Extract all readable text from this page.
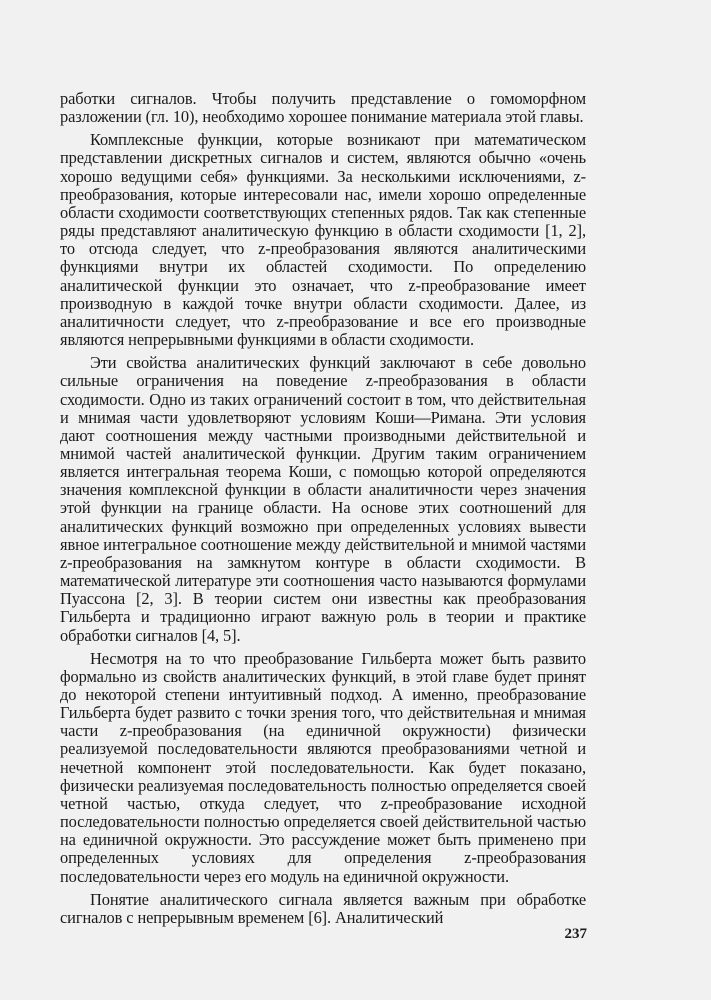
работки сигналов. Чтобы получить представление о гомоморфном разложении (гл. 10), необходимо хорошее понимание материала этой главы.

Комплексные функции, которые возникают при математическом представлении дискретных сигналов и систем, являются обычно «очень хорошо ведущими себя» функциями. За несколькими исключениями, z-преобразования, которые интересовали нас, имели хорошо определенные области сходимости соответствующих степенных рядов. Так как степенные ряды представляют аналитическую функцию в области сходимости [1, 2], то отсюда следует, что z-преобразования являются аналитическими функциями внутри их областей сходимости. По определению аналитической функции это означает, что z-преобразование имеет производную в каждой точке внутри области сходимости. Далее, из аналитичности следует, что z-преобразование и все его производные являются непрерывными функциями в области сходимости.

Эти свойства аналитических функций заключают в себе довольно сильные ограничения на поведение z-преобразования в области сходимости. Одно из таких ограничений состоит в том, что действительная и мнимая части удовлетворяют условиям Коши—Римана. Эти условия дают соотношения между частными производными действительной и мнимой частей аналитической функции. Другим таким ограничением является интегральная теорема Коши, с помощью которой определяются значения комплексной функции в области аналитичности через значения этой функции на границе области. На основе этих соотношений для аналитических функций возможно при определенных условиях вывести явное интегральное соотношение между действительной и мнимой частями z-преобразования на замкнутом контуре в области сходимости. В математической литературе эти соотношения часто называются формулами Пуассона [2, 3]. В теории систем они известны как преобразования Гильберта и традиционно играют важную роль в теории и практике обработки сигналов [4, 5].

Несмотря на то что преобразование Гильберта может быть развито формально из свойств аналитических функций, в этой главе будет принят до некоторой степени интуитивный подход. А именно, преобразование Гильберта будет развито с точки зрения того, что действительная и мнимая части z-преобразования (на единичной окружности) физически реализуемой последовательности являются преобразованиями четной и нечетной компонент этой последовательности. Как будет показано, физически реализуемая последовательность полностью определяется своей четной частью, откуда следует, что z-преобразование исходной последовательности полностью определяется своей действительной частью на единичной окружности. Это рассуждение может быть применено при определенных условиях для определения z-преобразования последовательности через его модуль на единичной окружности.

Понятие аналитического сигнала является важным при обработке сигналов с непрерывным временем [6]. Аналитический

237
